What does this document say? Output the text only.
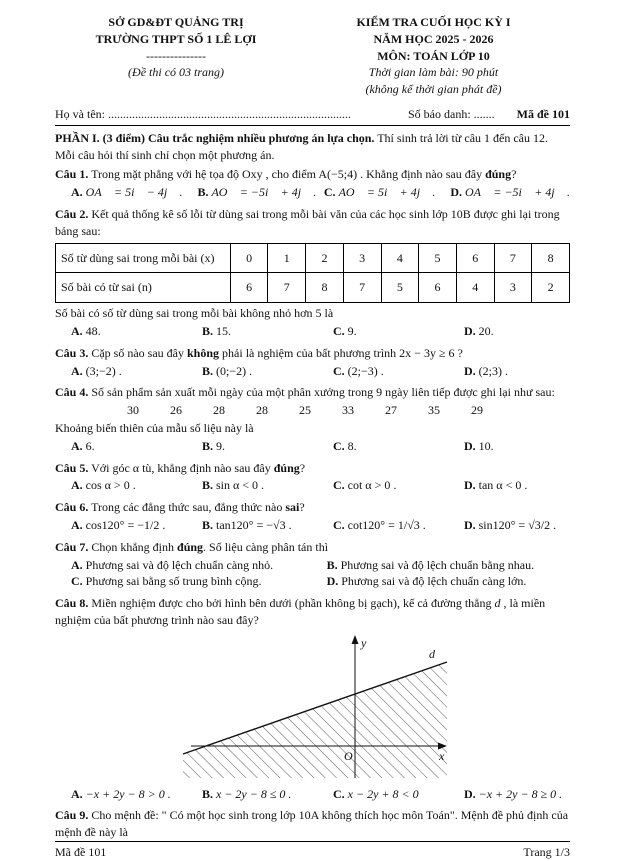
SỞ GD&ĐT QUẢNG TRỊ
TRƯỜNG THPT SỐ 1 LÊ LỢI
---------------
(Đề thi có 03 trang)
KIỂM TRA CUỐI HỌC KỲ I
NĂM HỌC 2025 - 2026
MÔN: TOÁN LỚP 10
Thời gian làm bài: 90 phút
(không kể thời gian phát đề)
Họ và tên: .................................................................................	Số báo danh: ....... Mã đề 101

PHẦN I. (3 điểm) Câu trắc nghiệm nhiều phương án lựa chọn. Thí sinh trả lời từ câu 1 đến câu 12. Mỗi câu hỏi thí sinh chỉ chọn một phương án.

Câu 1. Trong mặt phẳng với hệ tọa độ Oxy , cho điểm A(−5;4) . Khẳng định nào sau đây đúng?

A. OA⃗ = 5i⃗ − 4j⃗ .	B. AO⃗ = −5i⃗ + 4j⃗ . C. AO⃗ = 5i⃗ + 4j⃗ .	D. OA⃗ = −5i⃗ + 4j⃗ .

Câu 2. Kết quả thống kê số lỗi từ dùng sai trong mỗi bài văn của các học sinh lớp 10B được ghi lại trong bảng sau:

Số từ dùng sai trong mỗi bài (x)	0	1	2	3	4	5	6	7	8
Số bài có từ sai (n)	6	7	8	7	5	6	4	3	2

Số bài có số từ dùng sai trong mỗi bài không nhỏ hơn 5 là

A. 48.	B. 15.	C. 9.	D. 20.

Câu 3. Cặp số nào sau đây không phải là nghiệm của bất phương trình 2x − 3y ≥ 6 ?

A. (3;−2) .	B. (0;−2) .	C. (2;−3) .	D. (2;3) .

Câu 4. Số sản phẩm sản xuất mỗi ngày của một phân xưởng trong 9 ngày liên tiếp được ghi lại như sau:

30	26	28	28	25	33	27	35	29

Khoảng biến thiên của mẫu số liệu này là

A. 6.	B. 9.	C. 8.	D. 10.

Câu 5. Với góc α tù, khẳng định nào sau đây đúng?

A. cos α > 0 .	B. sin α < 0 .	C. cot α > 0 .	D. tan α < 0 .

Câu 6. Trong các đẳng thức sau, đẳng thức nào sai?

A. cos120° = −1/2 .	B. tan120° = −√3 .	C. cot120° = 1/√3 .	D. sin120° = √3/2 .

Câu 7. Chọn khẳng định đúng. Số liệu càng phân tán thì

A. Phương sai và độ lệch chuẩn càng nhỏ.	B. Phương sai và độ lệch chuẩn bằng nhau.
C. Phương sai bằng số trung bình cộng.	D. Phương sai và độ lệch chuẩn càng lớn.

Câu 8. Miền nghiệm được cho bởi hình bên dưới (phần không bị gạch), kể cả đường thẳng d , là miền nghiệm của bất phương trình nào sau đây?

y
x
O
d
A. −x + 2y − 8 > 0 .	B. x − 2y − 8 ≤ 0 .	C. x − 2y + 8 < 0	D. −x + 2y − 8 ≥ 0 .

Câu 9. Cho mệnh đề: " Có một học sinh trong lớp 10A không thích học môn Toán". Mệnh đề phủ định của mệnh đề này là

Mã đề 101	Trang 1/3
